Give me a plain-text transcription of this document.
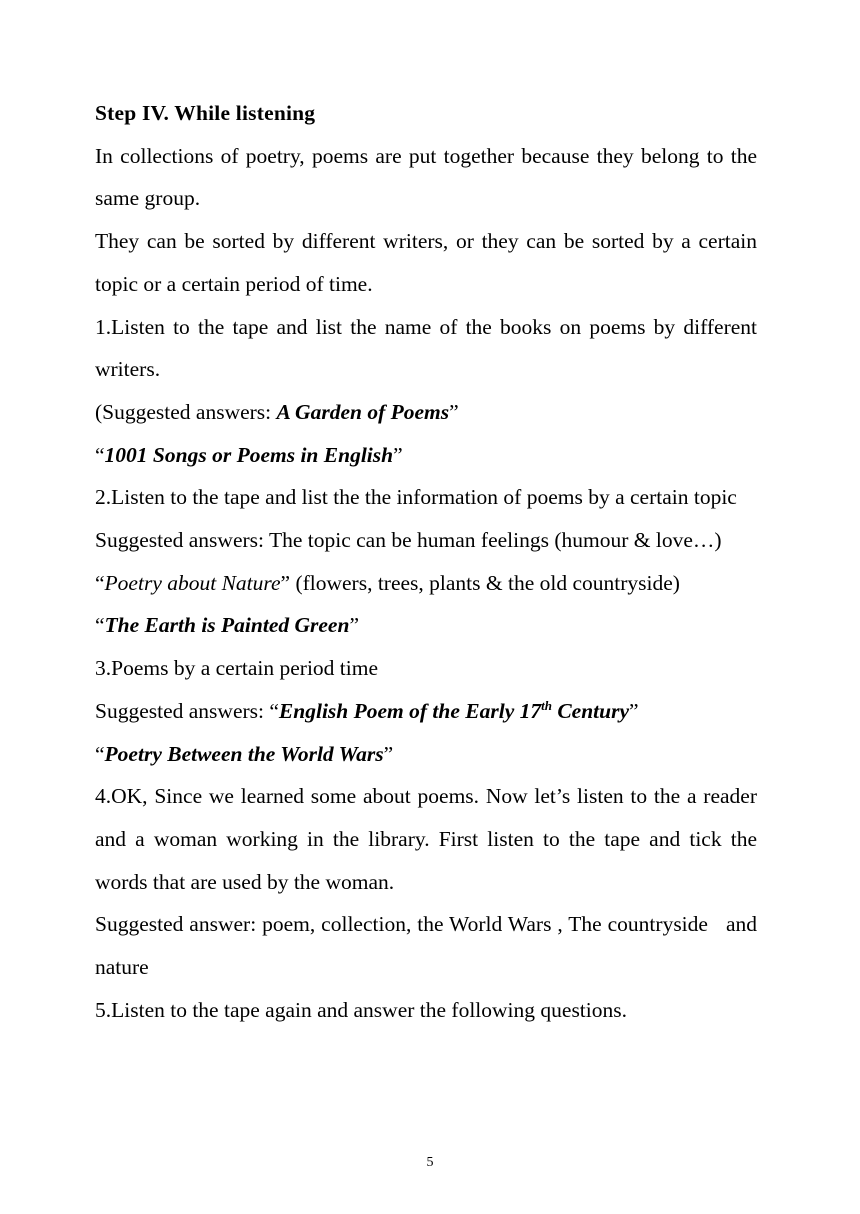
Step IV. While listening

In collections of poetry, poems are put together because they belong to the same group.

They can be sorted by different writers, or they can be sorted by a certain topic or a certain period of time.

1.Listen to the tape and list the name of the books on poems by different writers.

(Suggested answers: A Garden of Poems”

“1001 Songs or Poems in English”

2.Listen to the tape and list the the information of poems by a certain topic

Suggested answers: The topic can be human feelings (humour & love…)

“Poetry about Nature” (flowers, trees, plants & the old countryside)

“The Earth is Painted Green”

3.Poems by a certain period time

Suggested answers: “English Poem of the Early 17th Century”

“Poetry Between the World Wars”

4.OK, Since we learned some about poems. Now let’s listen to the a reader and a woman working in the library. First listen to the tape and tick the words that are used by the woman.

Suggested answer: poem, collection, the World Wars , The countryside and nature

5.Listen to the tape again and answer the following questions.

5
